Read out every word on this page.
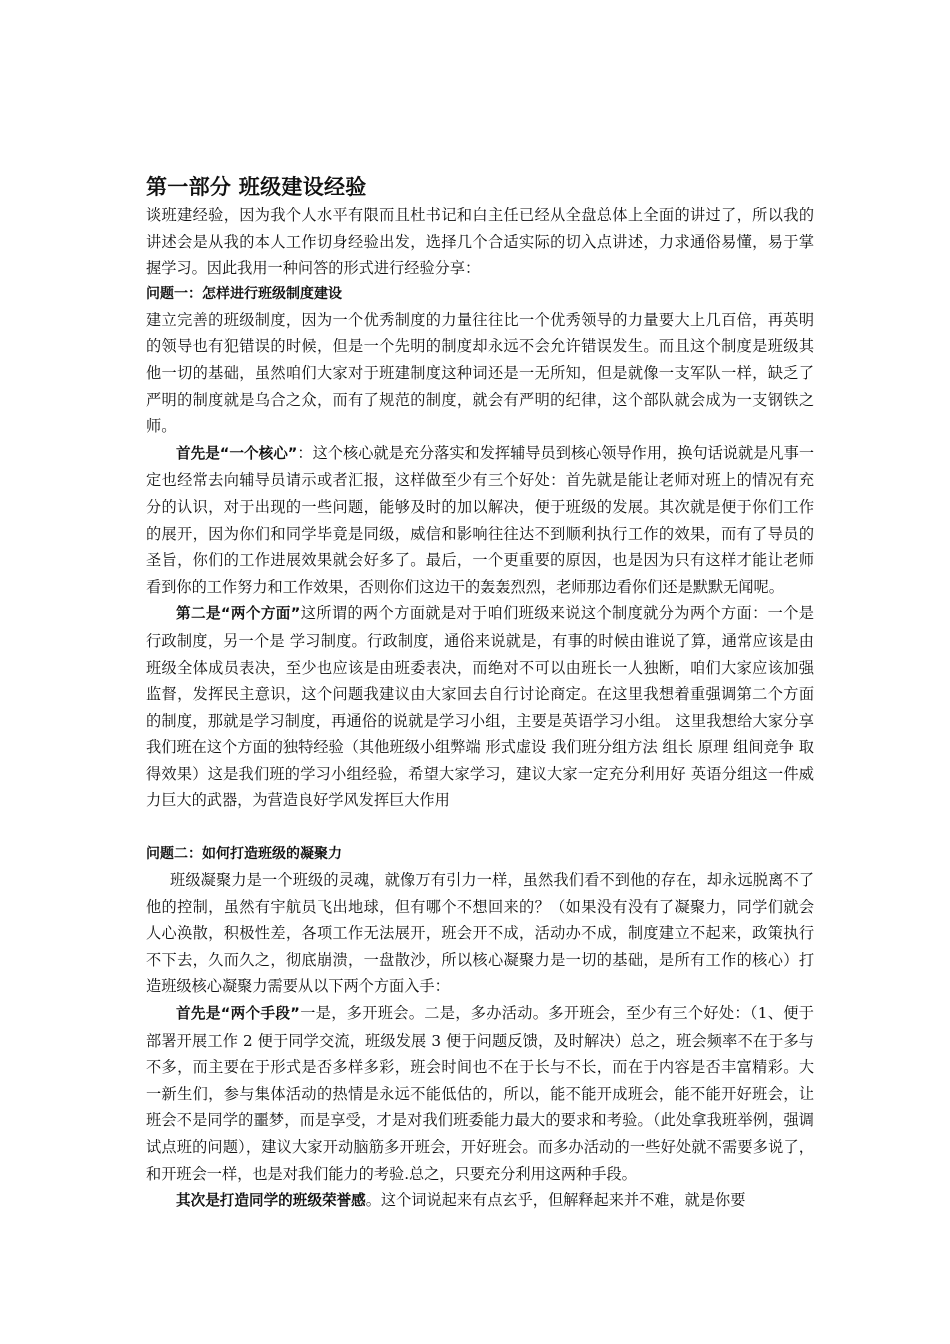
第一部分 班级建设经验

谈班建经验，因为我个人水平有限而且杜书记和白主任已经从全盘总体上全面的讲过了，所以我的讲述会是从我的本人工作切身经验出发，选择几个合适实际的切入点讲述，力求通俗易懂，易于掌握学习。因此我用一种问答的形式进行经验分享：

问题一：怎样进行班级制度建设

建立完善的班级制度，因为一个优秀制度的力量往往比一个优秀领导的力量要大上几百倍，再英明的领导也有犯错误的时候，但是一个先明的制度却永远不会允许错误发生。而且这个制度是班级其他一切的基础，虽然咱们大家对于班建制度这种词还是一无所知，但是就像一支军队一样，缺乏了严明的制度就是乌合之众，而有了规范的制度，就会有严明的纪律，这个部队就会成为一支钢铁之师。

首先是“一个核心”：这个核心就是充分落实和发挥辅导员到核心领导作用，换句话说就是凡事一定也经常去向辅导员请示或者汇报，这样做至少有三个好处：首先就是能让老师对班上的情况有充分的认识，对于出现的一些问题，能够及时的加以解决，便于班级的发展。其次就是便于你们工作的展开，因为你们和同学毕竟是同级，威信和影响往往达不到顺利执行工作的效果，而有了导员的圣旨，你们的工作进展效果就会好多了。最后，一个更重要的原因，也是因为只有这样才能让老师看到你的工作努力和工作效果，否则你们这边干的轰轰烈烈，老师那边看你们还是默默无闻呢。

第二是“两个方面”这所谓的两个方面就是对于咱们班级来说这个制度就分为两个方面：一个是 行政制度，另一个是 学习制度。行政制度，通俗来说就是，有事的时候由谁说了算，通常应该是由班级全体成员表决，至少也应该是由班委表决，而绝对不可以由班长一人独断，咱们大家应该加强监督，发挥民主意识，这个问题我建议由大家回去自行讨论商定。在这里我想着重强调第二个方面的制度，那就是学习制度，再通俗的说就是学习小组，主要是英语学习小组。 这里我想给大家分享我们班在这个方面的独特经验（其他班级小组弊端 形式虚设 我们班分组方法 组长 原理 组间竞争 取得效果）这是我们班的学习小组经验，希望大家学习，建议大家一定充分利用好 英语分组这一件威力巨大的武器，为营造良好学风发挥巨大作用

问题二：如何打造班级的凝聚力

班级凝聚力是一个班级的灵魂，就像万有引力一样，虽然我们看不到他的存在，却永远脱离不了他的控制，虽然有宇航员飞出地球，但有哪个不想回来的？（如果没有没有了凝聚力，同学们就会人心涣散，积极性差，各项工作无法展开，班会开不成，活动办不成，制度建立不起来，政策执行不下去，久而久之，彻底崩溃，一盘散沙，所以核心凝聚力是一切的基础，是所有工作的核心）打造班级核心凝聚力需要从以下两个方面入手：

首先是“两个手段”一是，多开班会。二是，多办活动。多开班会，至少有三个好处：（1、便于部署开展工作 2 便于同学交流，班级发展 3 便于问题反馈，及时解决）总之，班会频率不在于多与不多，而主要在于形式是否多样多彩，班会时间也不在于长与不长，而在于内容是否丰富精彩。大一新生们，参与集体活动的热情是永远不能低估的，所以，能不能开成班会，能不能开好班会，让班会不是同学的噩梦，而是享受，才是对我们班委能力最大的要求和考验。（此处拿我班举例，强调试点班的问题），建议大家开动脑筋多开班会，开好班会。而多办活动的一些好处就不需要多说了，和开班会一样，也是对我们能力的考验.总之，只要充分利用这两种手段。

其次是打造同学的班级荣誉感。这个词说起来有点玄乎，但解释起来并不难，就是你要
